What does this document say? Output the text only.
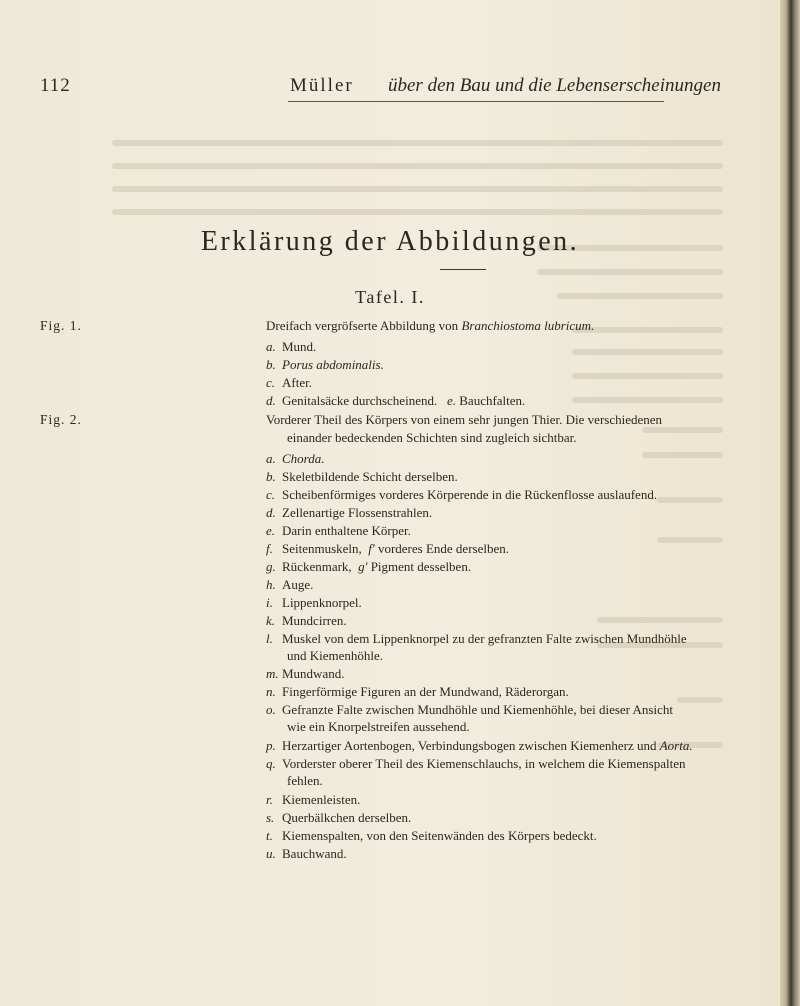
112	Müller über den Bau und die Lebenserscheinungen
Erklärung der Abbildungen.
Tafel. I.
Fig. 1.	Dreifach vergröfserte Abbildung von Branchiostoma lubricum.
a. Mund.
b. Porus abdominalis.
c. After.
d. Genitalsäcke durchscheinend. e. Bauchfalten.
Fig. 2.	Vorderer Theil des Körpers von einem sehr jungen Thier. Die verschiedenen
einander bedeckenden Schichten sind zugleich sichtbar.
a. Chorda.
b. Skeletbildende Schicht derselben.
c. Scheibenförmiges vorderes Körperende in die Rückenflosse auslaufend.
d. Zellenartige Flossenstrahlen.
e. Darin enthaltene Körper.
f. Seitenmuskeln, f' vorderes Ende derselben.
g. Rückenmark, g' Pigment desselben.
h. Auge.
i. Lippenknorpel.
k. Mundcirren.
l. Muskel von dem Lippenknorpel zu der gefranzten Falte zwischen Mundhöhle
und Kiemenhöhle.
m. Mundwand.
n. Fingerförmige Figuren an der Mundwand, Räderorgan.
o. Gefranzte Falte zwischen Mundhöhle und Kiemenhöhle, bei dieser Ansicht
wie ein Knorpelstreifen aussehend.
p. Herzartiger Aortenbogen, Verbindungsbogen zwischen Kiemenherz und Aorta.
q. Vorderster oberer Theil des Kiemenschlauchs, in welchem die Kiemenspalten
fehlen.
r. Kiemenleisten.
s. Querbälkchen derselben.
t. Kiemenspalten, von den Seitenwänden des Körpers bedeckt.
u. Bauchwand.
